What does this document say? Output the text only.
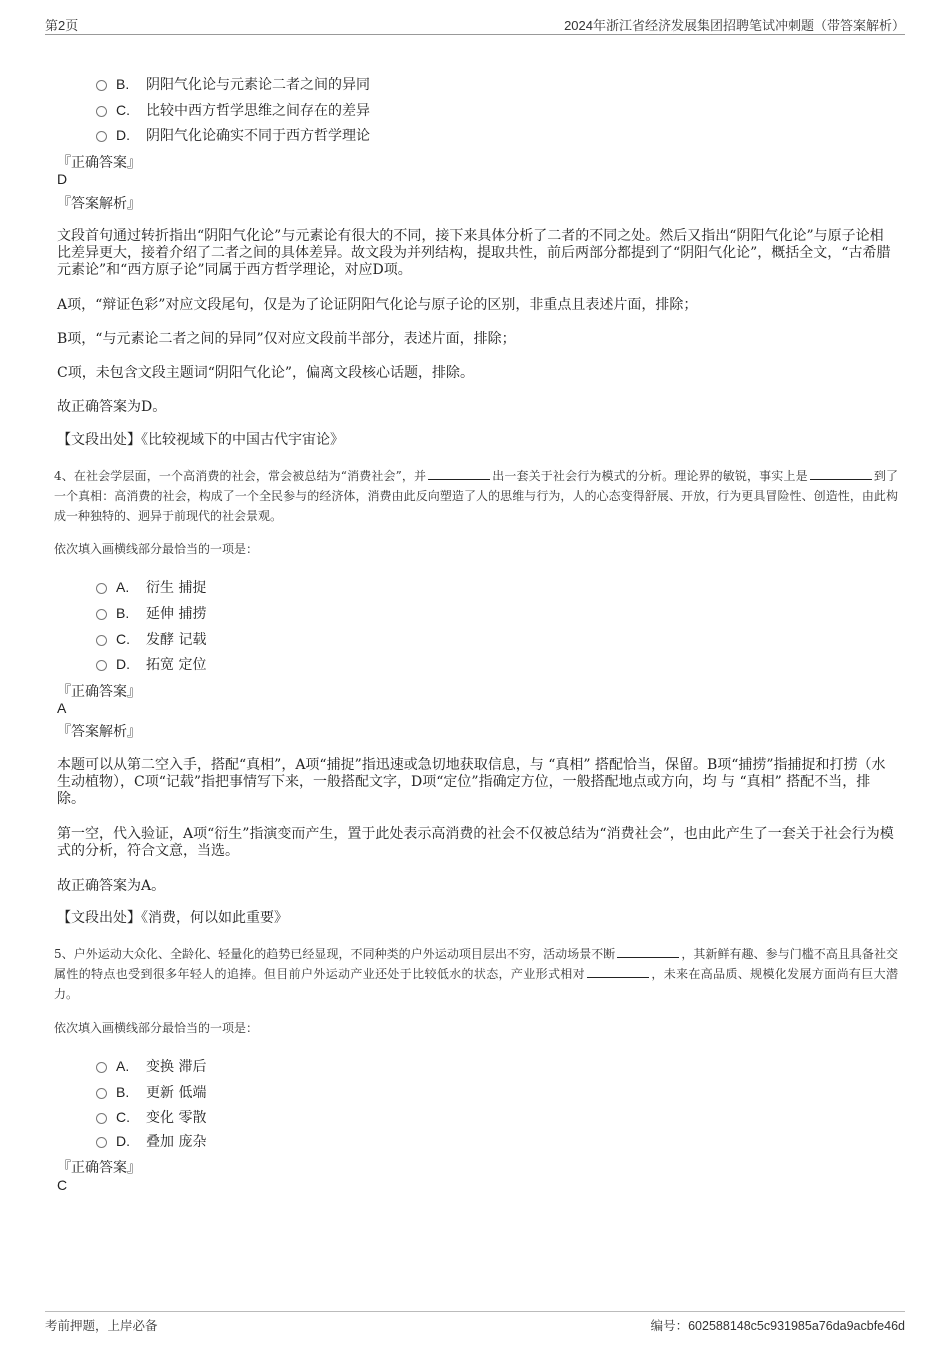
第2页	2024年浙江省经济发展集团招聘笔试冲刺题（带答案解析）
B. 阴阳气化论与元素论二者之间的异同
C. 比较中西方哲学思维之间存在的差异
D. 阴阳气化论确实不同于西方哲学理论
『正确答案』
D
『答案解析』
文段首句通过转折指出“阴阳气化论”与元素论有很大的不同，接下来具体分析了二者的不同之处。然后又指出“阴阳气化论”与原子论相比差异更大，接着介绍了二者之间的具体差异。故文段为并列结构，提取共性，前后两部分都提到了“阴阳气化论”，概括全文，“古希腊元素论”和“西方原子论”同属于西方哲学理论，对应D项。
A项，“辩证色彩”对应文段尾句，仅是为了论证阴阳气化论与原子论的区别，非重点且表述片面，排除；
B项，“与元素论二者之间的异同”仅对应文段前半部分，表述片面，排除；
C项，未包含文段主题词“阴阳气化论”，偏离文段核心话题，排除。
故正确答案为D。
【文段出处】《比较视域下的中国古代宇宙论》
4、在社会学层面，一个高消费的社会，常会被总结为“消费社会”，并	出一套关于社会行为模式的分析。理论界的敏锐，事实上是	到了一个真相：高消费的社会，构成了一个全民参与的经济体，消费由此反向塑造了人的思维与行为，人的心态变得舒展、开放，行为更具冒险性、创造性，由此构成一种独特的、迥异于前现代的社会景观。
依次填入画横线部分最恰当的一项是：
A. 衍生 捕捉
B. 延伸 捕捞
C. 发酵 记载
D. 拓宽 定位
『正确答案』
A
『答案解析』
本题可以从第二空入手，搭配“真相”，A项“捕捉”指迅速或急切地获取信息，与 “真相” 搭配恰当，保留。B项“捕捞”指捕捉和打捞（水生动植物），C项“记载”指把事情写下来，一般搭配文字，D项“定位”指确定方位，一般搭配地点或方向，均 与 “真相” 搭配不当，排除。
第一空，代入验证，A项“衍生”指演变而产生，置于此处表示高消费的社会不仅被总结为“消费社会”，也由此产生了一套关于社会行为模式的分析，符合文意，当选。
故正确答案为A。
【文段出处】《消费，何以如此重要》
5、户外运动大众化、全龄化、轻量化的趋势已经显现，不同种类的户外运动项目层出不穷，活动场景不断	，其新鲜有趣、参与门槛不高且具备社交属性的特点也受到很多年轻人的追捧。但目前户外运动产业还处于比较低水的状态，产业形式相对	，未来在高品质、规模化发展方面尚有巨大潜力。
依次填入画横线部分最恰当的一项是：
A. 变换 滞后
B. 更新 低端
C. 变化 零散
D. 叠加 庞杂
『正确答案』
C
考前押题，上岸必备	编号：602588148c5c931985a76da9acbfe46d
